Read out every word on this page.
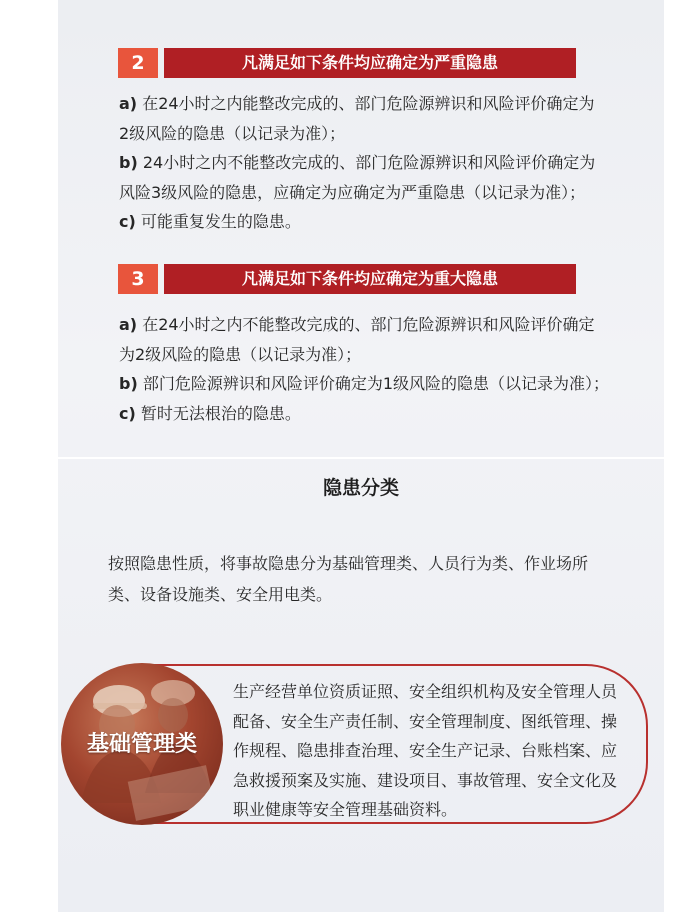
2	凡满足如下条件均应确定为严重隐患
a) 在24小时之内能整改完成的、部门危险源辨识和风险评价确定为
2级风险的隐患（以记录为准）；
b) 24小时之内不能整改完成的、部门危险源辨识和风险评价确定为
风险3级风险的隐患，应确定为应确定为严重隐患（以记录为准）；
c) 可能重复发生的隐患。
3	凡满足如下条件均应确定为重大隐患
a) 在24小时之内不能整改完成的、部门危险源辨识和风险评价确定
为2级风险的隐患（以记录为准）；
b) 部门危险源辨识和风险评价确定为1级风险的隐患（以记录为准）；
c) 暂时无法根治的隐患。
隐患分类
按照隐患性质，将事故隐患分为基础管理类、人员行为类、作业场所
类、设备设施类、安全用电类。
基础管理类
生产经营单位资质证照、安全组织机构及安全管理人员
配备、安全生产责任制、安全管理制度、图纸管理、操
作规程、隐患排查治理、安全生产记录、台账档案、应
急救援预案及实施、建设项目、事故管理、安全文化及
职业健康等安全管理基础资料。
